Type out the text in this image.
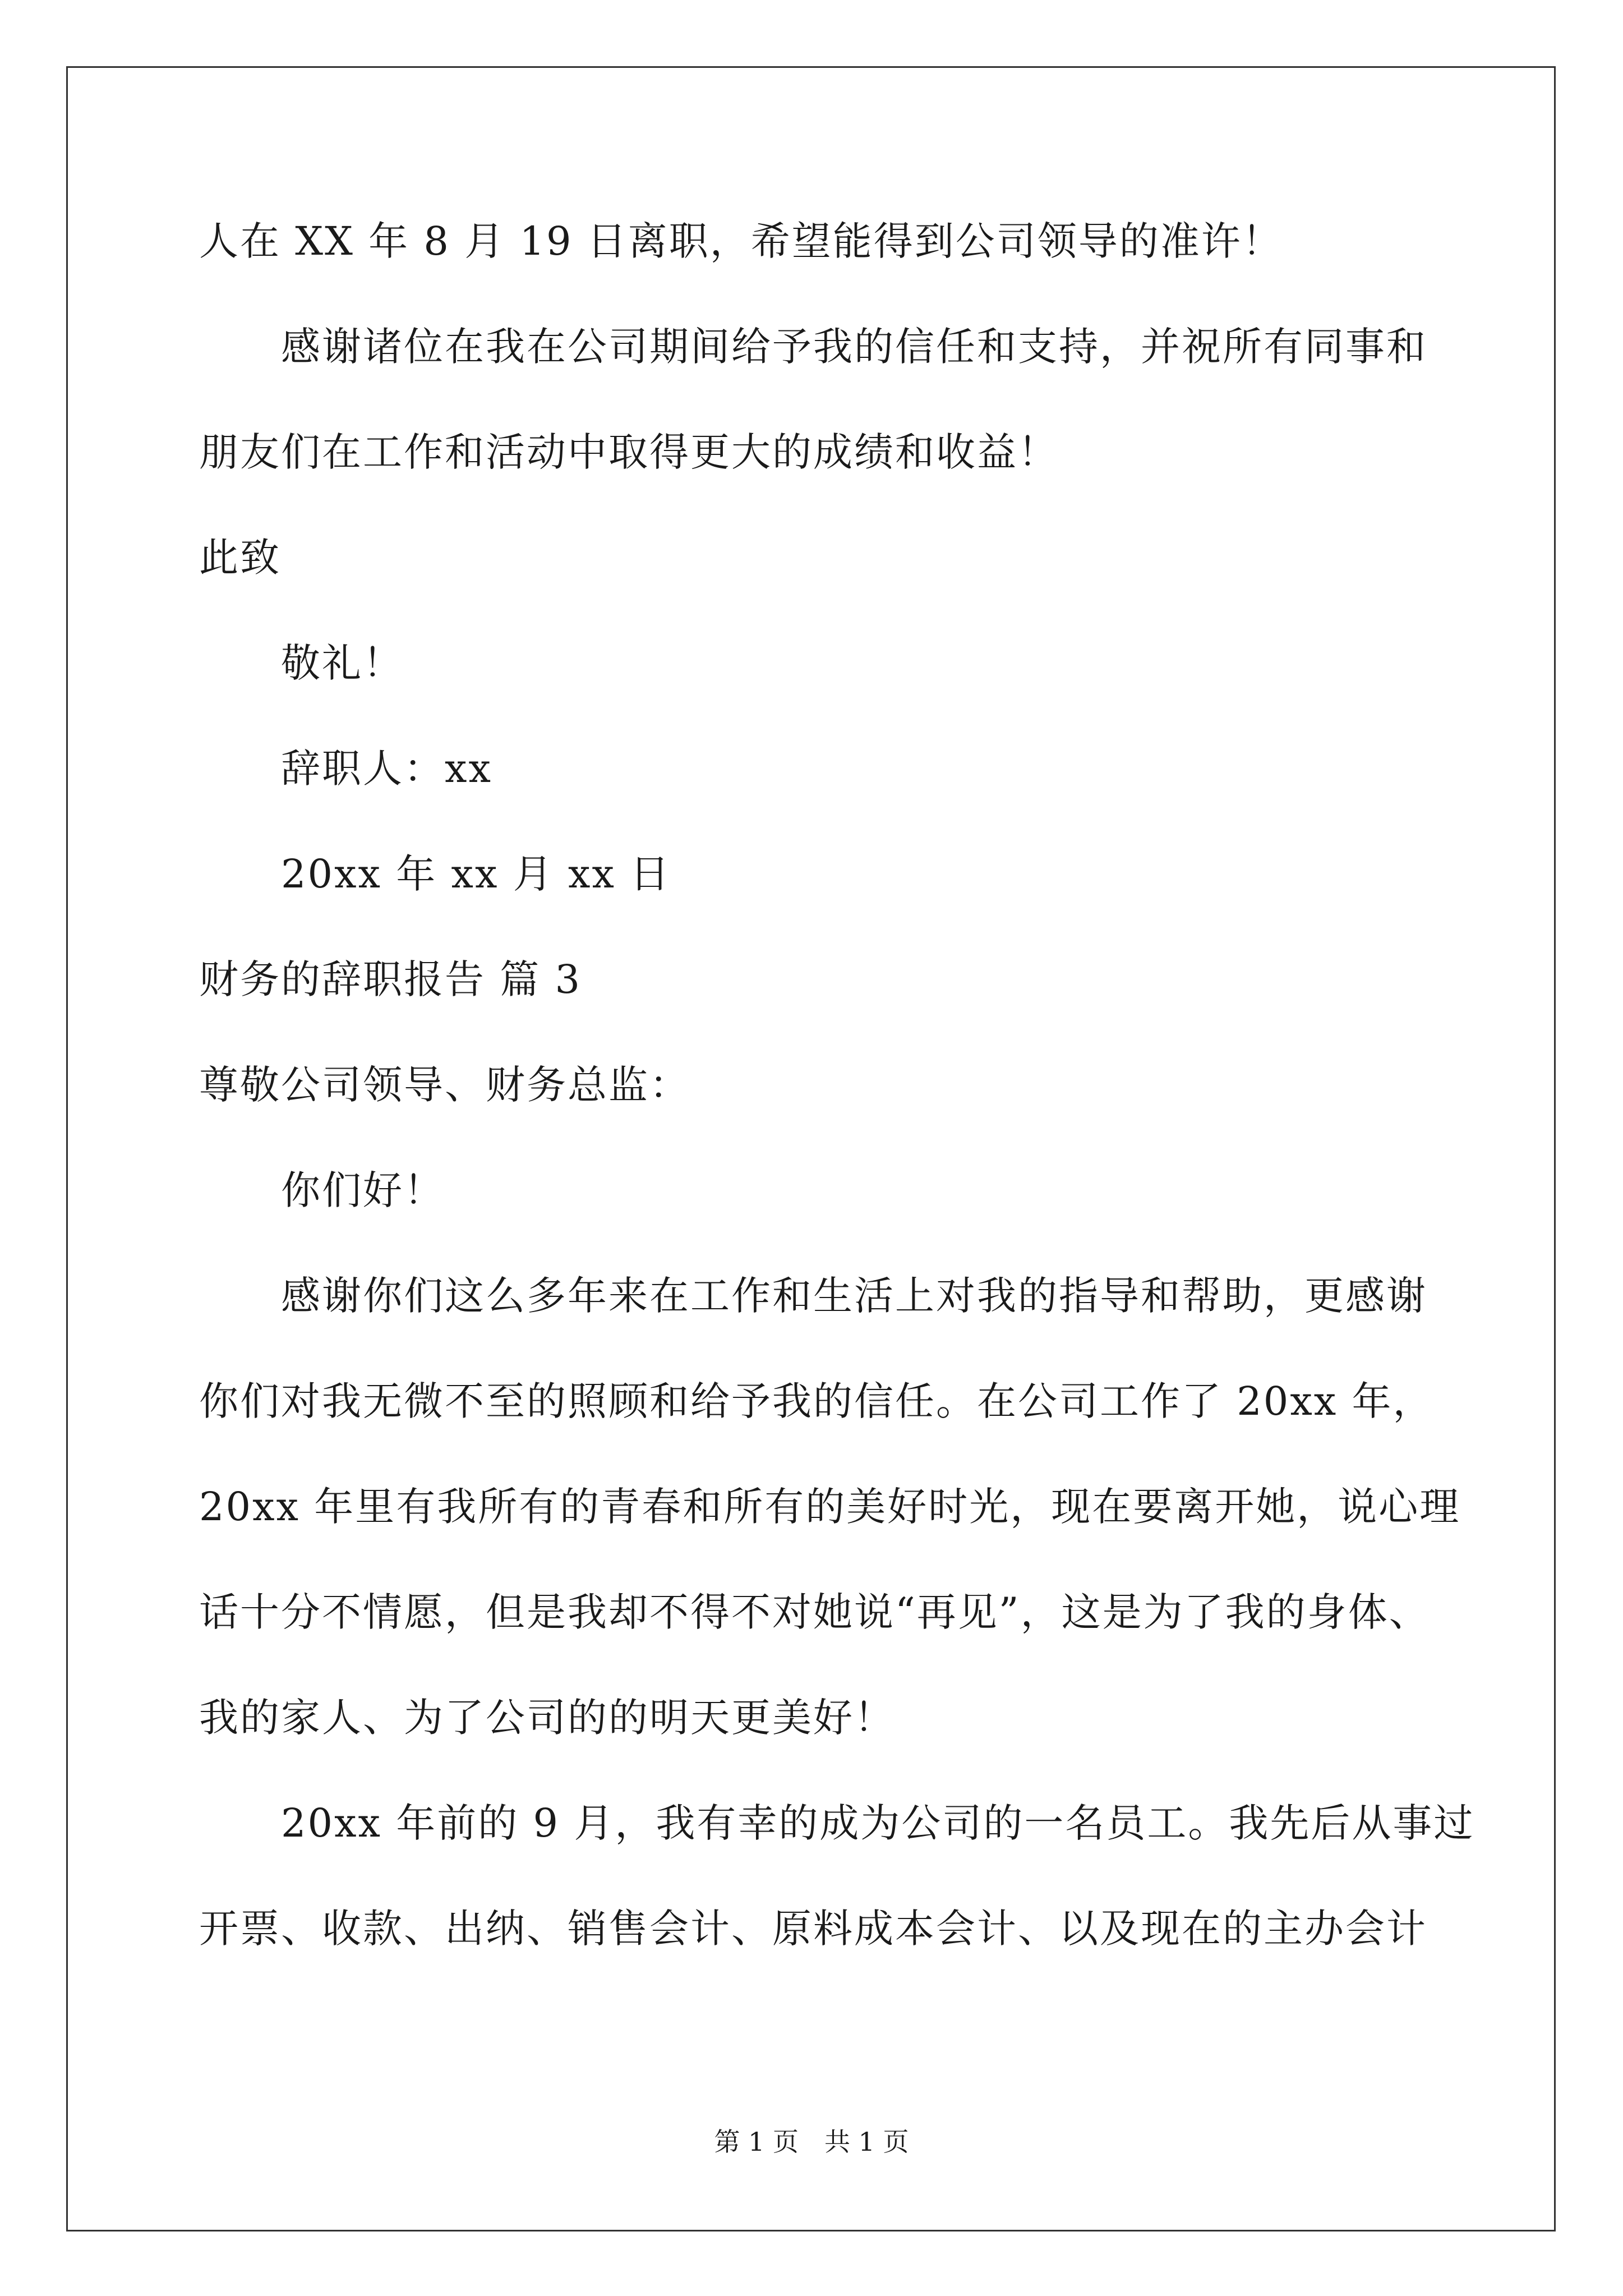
人在 XX 年 8 月 19 日离职，希望能得到公司领导的准许！
感谢诸位在我在公司期间给予我的信任和支持，并祝所有同事和
朋友们在工作和活动中取得更大的成绩和收益！
此致
敬礼！
辞职人：xx
20xx 年 xx 月 xx 日
财务的辞职报告 篇 3
尊敬公司领导、财务总监：
你们好！
感谢你们这么多年来在工作和生活上对我的指导和帮助，更感谢
你们对我无微不至的照顾和给予我的信任。在公司工作了 20xx 年，
20xx 年里有我所有的青春和所有的美好时光，现在要离开她，说心理
话十分不情愿，但是我却不得不对她说“再见”，这是为了我的身体、
我的家人、为了公司的的明天更美好！
20xx 年前的 9 月，我有幸的成为公司的一名员工。我先后从事过
开票、收款、出纳、销售会计、原料成本会计、以及现在的主办会计
第 1 页　共 1 页
